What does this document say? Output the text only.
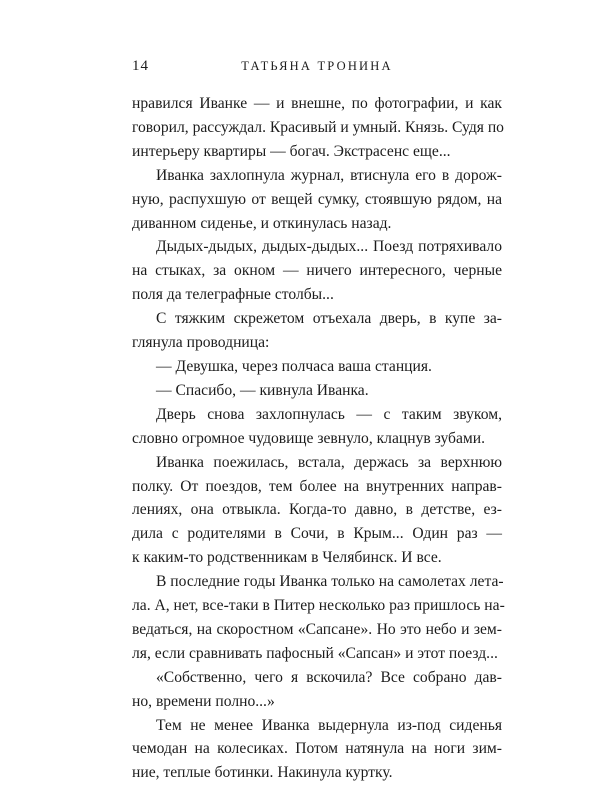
14	ТАТЬЯНА ТРОНИНА
нравился Иванке — и внешне, по фотографии, и как
говорил, рассуждал. Красивый и умный. Князь. Судя по
интерьеру квартиры — богач. Экстрасенс еще...
Иванка захлопнула журнал, втиснула его в дорож-
ную, распухшую от вещей сумку, стоявшую рядом, на
диванном сиденье, и откинулась назад.
Дыдых-дыдых, дыдых-дыдых... Поезд потряхивало
на стыках, за окном — ничего интересного, черные
поля да телеграфные столбы...
С тяжким скрежетом отъехала дверь, в купе за-
глянула проводница:
— Девушка, через полчаса ваша станция.
— Спасибо, — кивнула Иванка.
Дверь снова захлопнулась — с таким звуком,
словно огромное чудовище зевнуло, клацнув зубами.
Иванка поежилась, встала, держась за верхнюю
полку. От поездов, тем более на внутренних направ-
лениях, она отвыкла. Когда-то давно, в детстве, ез-
дила с родителями в Сочи, в Крым... Один раз —
к каким-то родственникам в Челябинск. И все.
В последние годы Иванка только на самолетах лета-
ла. А, нет, все-таки в Питер несколько раз пришлось на-
ведаться, на скоростном «Сапсане». Но это небо и зем-
ля, если сравнивать пафосный «Сапсан» и этот поезд...
«Собственно, чего я вскочила? Все собрано дав-
но, времени полно...»
Тем не менее Иванка выдернула из-под сиденья
чемодан на колесиках. Потом натянула на ноги зим-
ние, теплые ботинки. Накинула куртку.
